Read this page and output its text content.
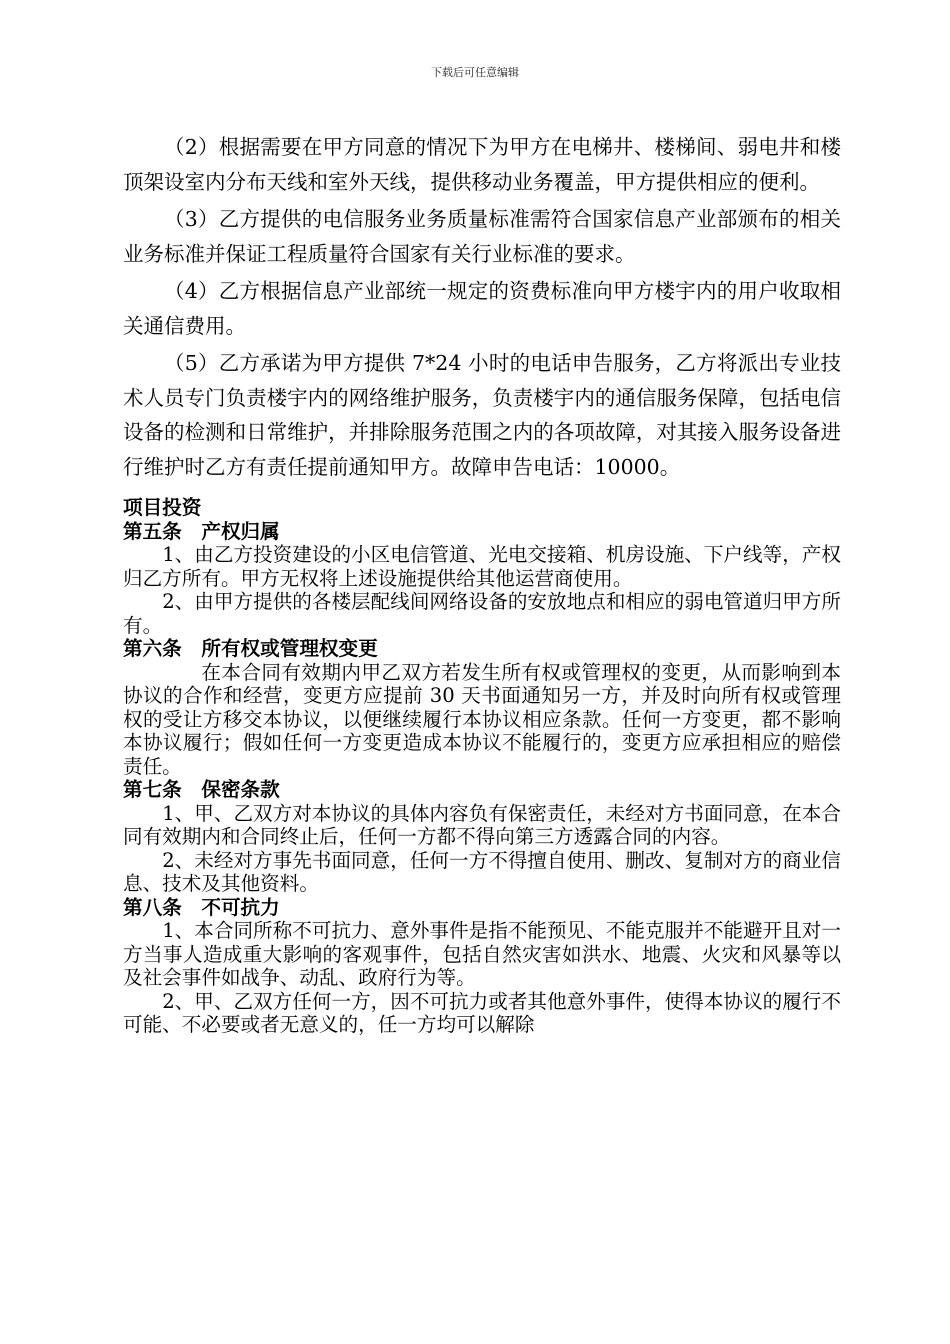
下载后可任意编辑

（2）根据需要在甲方同意的情况下为甲方在电梯井、楼梯间、弱电井和楼顶架设室内分布天线和室外天线，提供移动业务覆盖，甲方提供相应的便利。

（3）乙方提供的电信服务业务质量标准需符合国家信息产业部颁布的相关业务标准并保证工程质量符合国家有关行业标准的要求。

（4）乙方根据信息产业部统一规定的资费标准向甲方楼宇内的用户收取相关通信费用。

（5）乙方承诺为甲方提供 7*24 小时的电话申告服务，乙方将派出专业技术人员专门负责楼宇内的网络维护服务，负责楼宇内的通信服务保障，包括电信设备的检测和日常维护，并排除服务范围之内的各项故障，对其接入服务设备进行维护时乙方有责任提前通知甲方。故障申告电话：10000。

项目投资

第五条　产权归属

1、由乙方投资建设的小区电信管道、光电交接箱、机房设施、下户线等，产权归乙方所有。甲方无权将上述设施提供给其他运营商使用。

2、由甲方提供的各楼层配线间网络设备的安放地点和相应的弱电管道归甲方所有。

第六条　所有权或管理权变更

在本合同有效期内甲乙双方若发生所有权或管理权的变更，从而影响到本协议的合作和经营，变更方应提前 30 天书面通知另一方，并及时向所有权或管理权的受让方移交本协议，以便继续履行本协议相应条款。任何一方变更，都不影响本协议履行；假如任何一方变更造成本协议不能履行的，变更方应承担相应的赔偿责任。

第七条　保密条款

1、甲、乙双方对本协议的具体内容负有保密责任，未经对方书面同意，在本合同有效期内和合同终止后，任何一方都不得向第三方透露合同的内容。

2、未经对方事先书面同意，任何一方不得擅自使用、删改、复制对方的商业信息、技术及其他资料。

第八条　不可抗力

1、本合同所称不可抗力、意外事件是指不能预见、不能克服并不能避开且对一方当事人造成重大影响的客观事件，包括自然灾害如洪水、地震、火灾和风暴等以及社会事件如战争、动乱、政府行为等。

2、甲、乙双方任何一方，因不可抗力或者其他意外事件，使得本协议的履行不可能、不必要或者无意义的，任一方均可以解除
